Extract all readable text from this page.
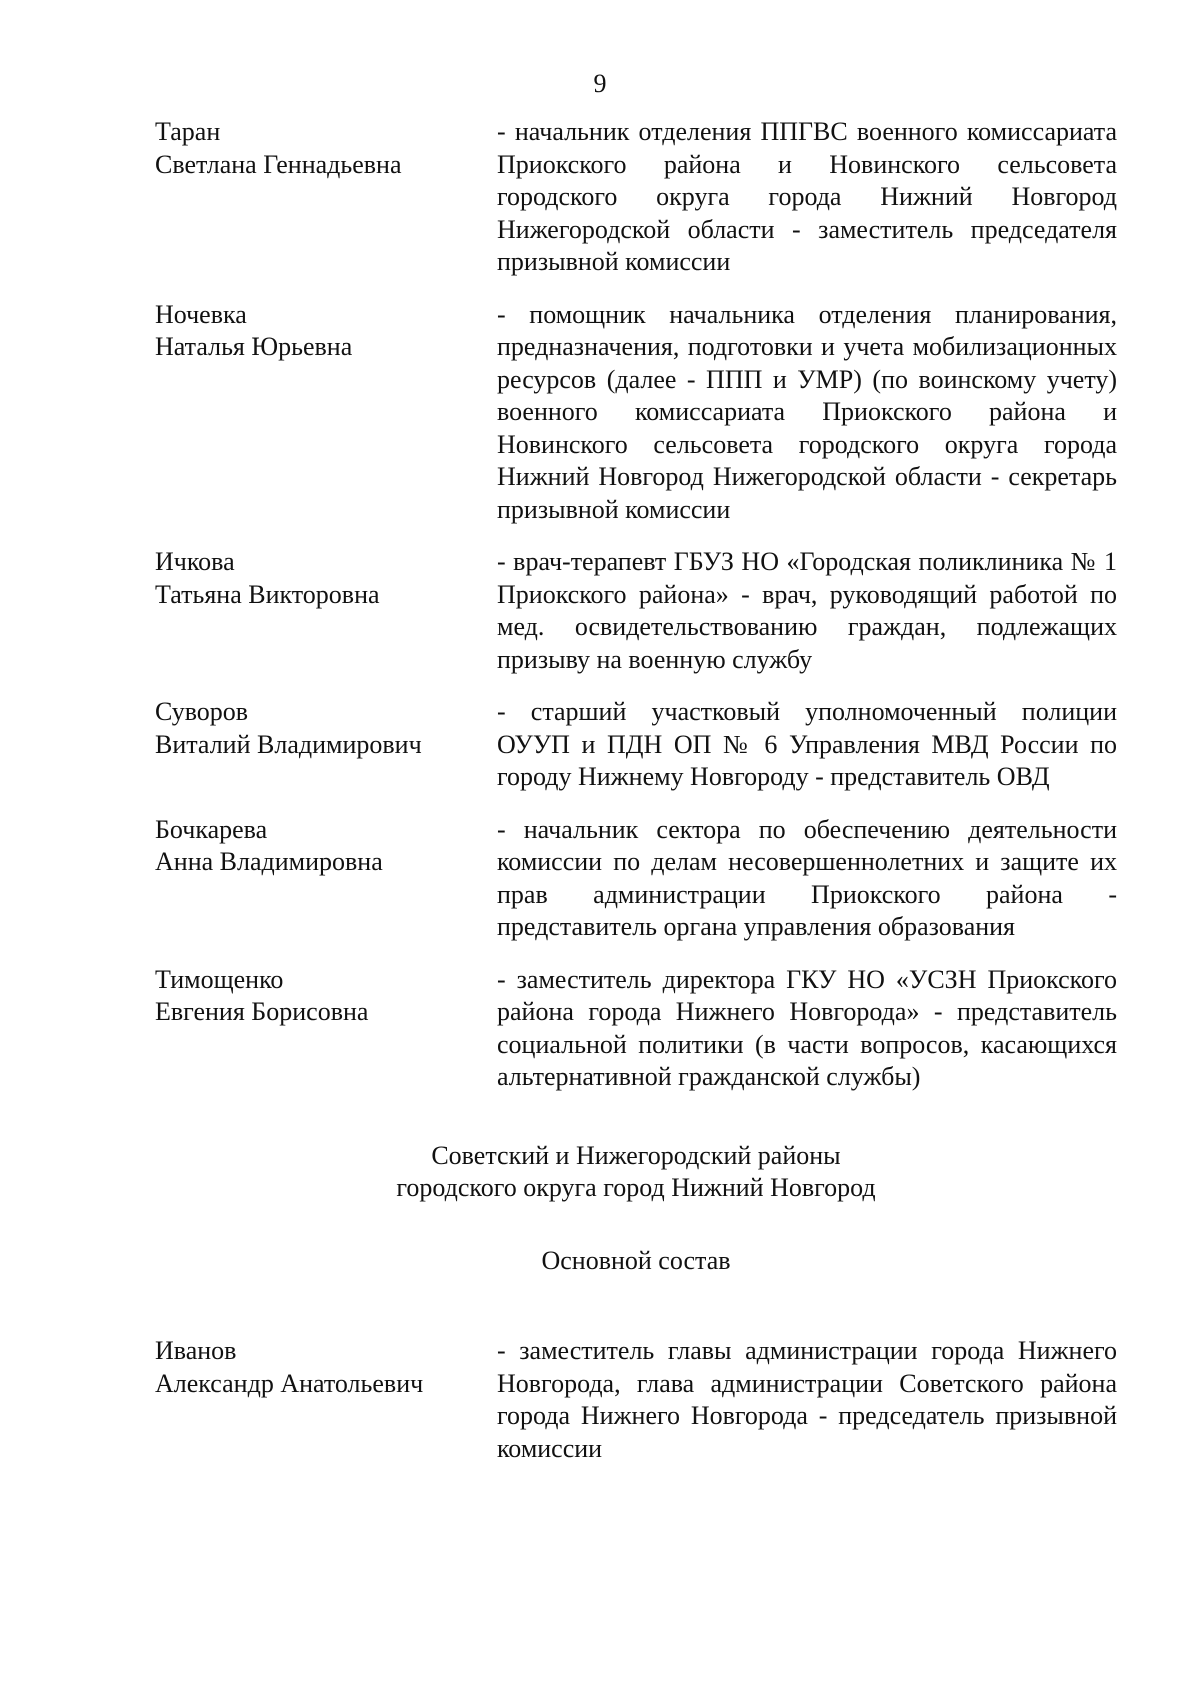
9
Таран
Светлана Геннадьевна
- начальник отделения ППГВС военного комиссариата Приокского района и Новинского сельсовета городского округа города Нижний Новгород Нижегородской области - заместитель председателя призывной комиссии
Ночевка
Наталья Юрьевна
- помощник начальника отделения планирования, предназначения, подготовки и учета мобилизационных ресурсов (далее - ППП и УМР) (по воинскому учету) военного комиссариата Приокского района и Новинского сельсовета городского округа города Нижний Новгород Нижегородской области - секретарь призывной комиссии
Ичкова
Татьяна Викторовна
- врач-терапевт ГБУЗ НО «Городская поликлиника № 1 Приокского района» - врач, руководящий работой по мед. освидетельствованию граждан, подлежащих призыву на военную службу
Суворов
Виталий Владимирович
- старший участковый уполномоченный полиции ОУУП и ПДН ОП № 6 Управления МВД России по городу Нижнему Новгороду - представитель ОВД
Бочкарева
Анна Владимировна
- начальник сектора по обеспечению деятельности комиссии по делам несовершеннолетних и защите их прав администрации Приокского района - представитель органа управления образования
Тимощенко
Евгения Борисовна
- заместитель директора ГКУ НО «УСЗН Приокского района города Нижнего Новгорода» - представитель социальной политики (в части вопросов, касающихся альтернативной гражданской службы)
Советский и Нижегородский районы
городского округа город Нижний Новгород
Основной состав
Иванов
Александр Анатольевич
- заместитель главы администрации города Нижнего Новгорода, глава администрации Советского района города Нижнего Новгорода - председатель призывной комиссии
